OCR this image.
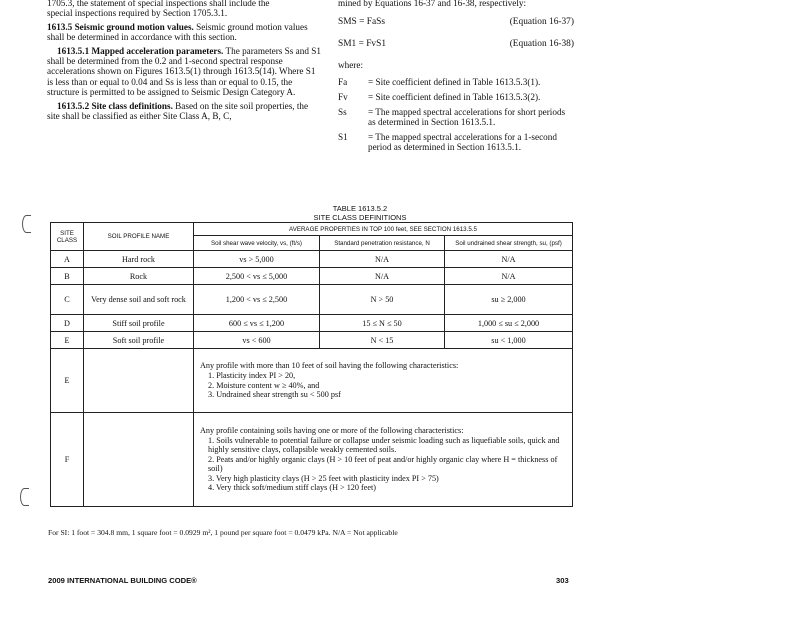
1705.3, the statement of special inspections shall include the
special inspections required by Section 1705.3.1.
1613.5 Seismic ground motion values. Seismic ground motion values shall be determined in accordance with this section.
1613.5.1 Mapped acceleration parameters. The parameters Ss and S1 shall be determined from the 0.2 and 1-second spectral response accelerations shown on Figures 1613.5(1) through 1613.5(14). Where S1 is less than or equal to 0.04 and Ss is less than or equal to 0.15, the structure is permitted to be assigned to Seismic Design Category A.
1613.5.2 Site class definitions. Based on the site soil properties, the site shall be classified as either Site Class A, B, C,
mined by Equations 16-37 and 16-38, respectively:
SMS = FaSs	(Equation 16-37)
SM1 = FvS1	(Equation 16-38)
where:
Fa	= Site coefficient defined in Table 1613.5.3(1).
Fv	= Site coefficient defined in Table 1613.5.3(2).
Ss	= The mapped spectral accelerations for short periods as determined in Section 1613.5.1.
S1	= The mapped spectral accelerations for a 1-second period as determined in Section 1613.5.1.
TABLE 1613.5.2
SITE CLASS DEFINITIONS
SITE CLASS	SOIL PROFILE NAME	AVERAGE PROPERTIES IN TOP 100 feet, SEE SECTION 1613.5.5		
		Soil shear wave velocity, vs, (ft/s)	Standard penetration resistance, N	Soil undrained shear strength, su, (psf)
A	Hard rock	vs > 5,000	N/A	N/A
B	Rock	2,500 < vs ≤ 5,000	N/A	N/A
C	Very dense soil and soft rock	1,200 < vs ≤ 2,500	N > 50	su ≥ 2,000
D	Stiff soil profile	600 ≤ vs ≤ 1,200	15 ≤ N ≤ 50	1,000 ≤ su ≤ 2,000
E	Soft soil profile	vs < 600	N < 15	su < 1,000
E		Any profile with more than 10 feet of soil having the following characteristics:
1. Plasticity index PI > 20,
2. Moisture content w ≥ 40%, and
3. Undrained shear strength su < 500 psf		

F		Any profile containing soils having one or more of the following characteristics:
1. Soils vulnerable to potential failure or collapse under seismic loading such as liquefiable soils, quick and highly sensitive clays, collapsible weakly cemented soils.
2. Peats and/or highly organic clays (H > 10 feet of peat and/or highly organic clay where H = thickness of soil)
3. Very high plasticity clays (H > 25 feet with plasticity index PI > 75)
4. Very thick soft/medium stiff clays (H > 120 feet)		
For SI: 1 foot = 304.8 mm, 1 square foot = 0.0929 m², 1 pound per square foot = 0.0479 kPa. N/A = Not applicable
2009 INTERNATIONAL BUILDING CODE®	303
